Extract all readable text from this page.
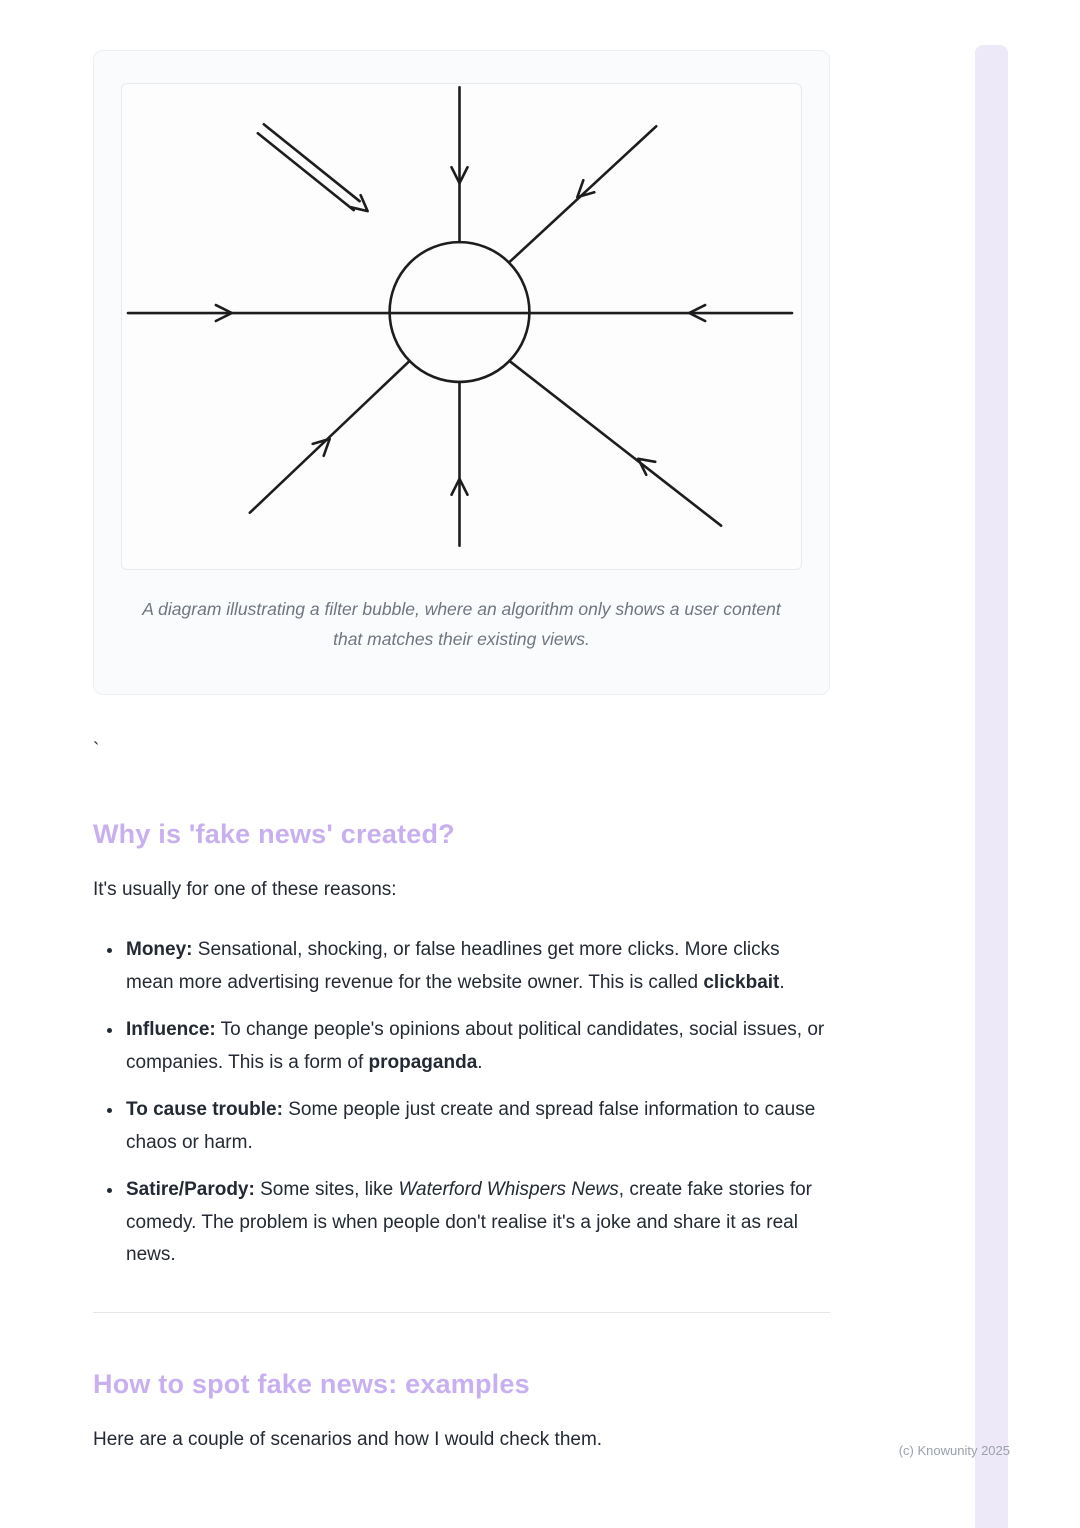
A diagram illustrating a filter bubble, where an algorithm only shows a user content that matches their existing views.

`

Why is 'fake news' created?

It's usually for one of these reasons:

• Money: Sensational, shocking, or false headlines get more clicks. More clicks mean more advertising revenue for the website owner. This is called clickbait.
• Influence: To change people's opinions about political candidates, social issues, or companies. This is a form of propaganda.
• To cause trouble: Some people just create and spread false information to cause chaos or harm.
• Satire/Parody: Some sites, like Waterford Whispers News, create fake stories for comedy. The problem is when people don't realise it's a joke and share it as real news.
How to spot fake news: examples

Here are a couple of scenarios and how I would check them.

(c) Knowunity 2025
